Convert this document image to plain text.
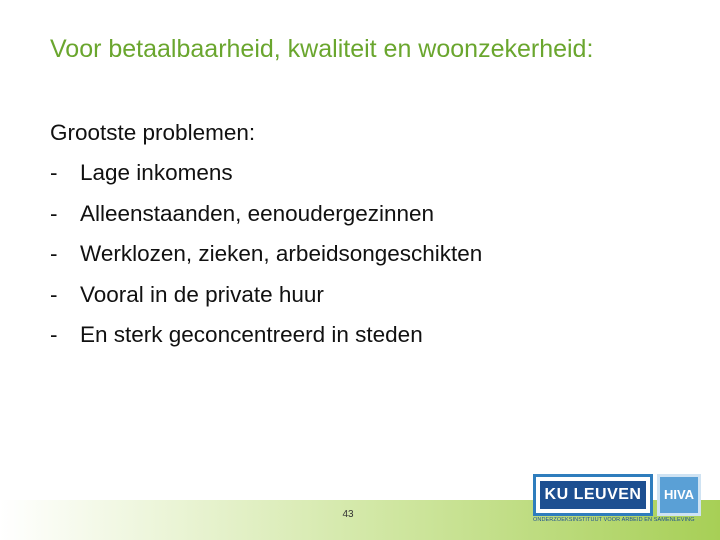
Voor betaalbaarheid, kwaliteit en woonzekerheid:
Grootste problemen:
- Lage inkomens
- Alleenstaanden, eenoudergezinnen
- Werklozen, zieken, arbeidsongeschikten
- Vooral in de private huur
- En sterk geconcentreerd in steden
43
KU LEUVEN	HIVA
ONDERZOEKSINSTITUUT VOOR ARBEID EN SAMENLEVING
